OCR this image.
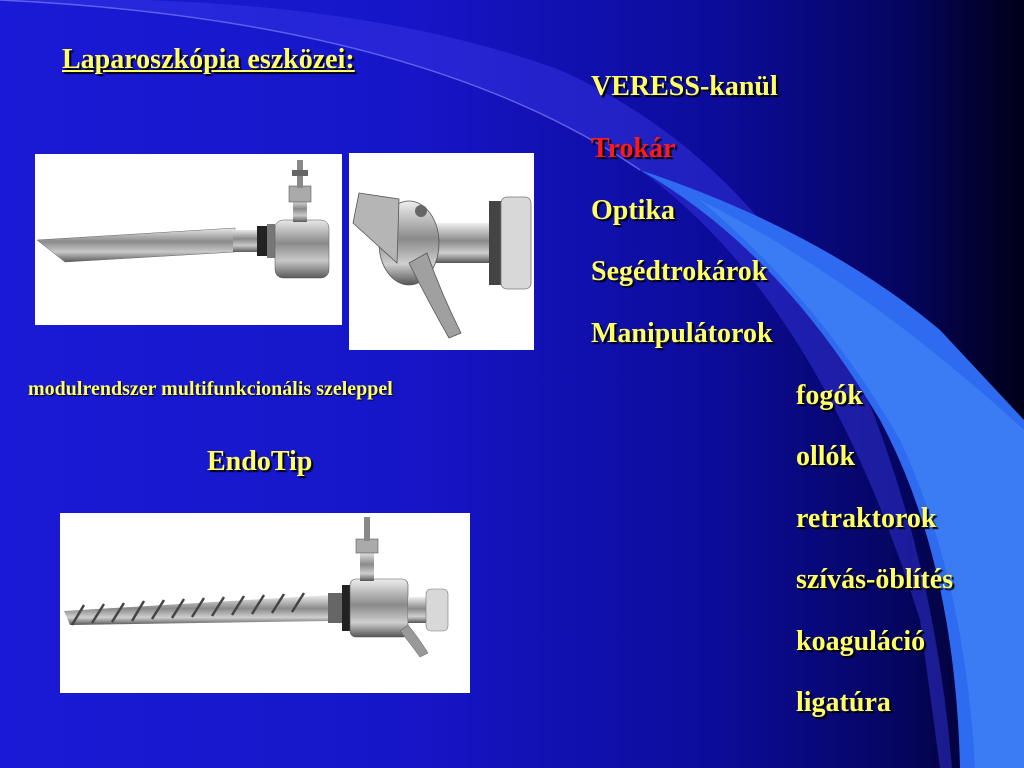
Laparoszkópia eszközei:
modulrendszer multifunkcionális szeleppel
EndoTip
VERESS-kanül
Trokár
Optika
Segédtrokárok
Manipulátorok
fogók
ollók
retraktorok
szívás-öblítés
koaguláció
ligatúra
